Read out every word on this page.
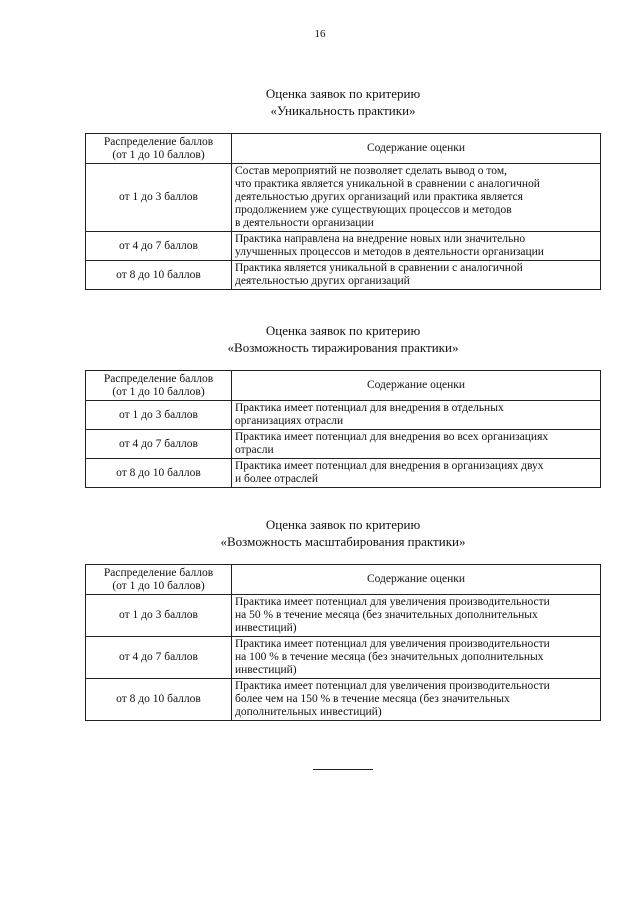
16
Оценка заявок по критерию
«Уникальность практики»
Распределение баллов
(от 1 до 10 баллов)	Содержание оценки
от 1 до 3 баллов	Состав мероприятий не позволяет сделать вывод о том,
что практика является уникальной в сравнении с аналогичной
деятельностью других организаций или практика является
продолжением уже существующих процессов и методов
в деятельности организации
от 4 до 7 баллов	Практика направлена на внедрение новых или значительно
улучшенных процессов и методов в деятельности организации
от 8 до 10 баллов	Практика является уникальной в сравнении с аналогичной
деятельностью других организаций
Оценка заявок по критерию
«Возможность тиражирования практики»
Распределение баллов
(от 1 до 10 баллов)	Содержание оценки
от 1 до 3 баллов	Практика имеет потенциал для внедрения в отдельных
организациях отрасли
от 4 до 7 баллов	Практика имеет потенциал для внедрения во всех организациях
отрасли
от 8 до 10 баллов	Практика имеет потенциал для внедрения в организациях двух
и более отраслей
Оценка заявок по критерию
«Возможность масштабирования практики»
Распределение баллов
(от 1 до 10 баллов)	Содержание оценки
от 1 до 3 баллов	Практика имеет потенциал для увеличения производительности
на 50 % в течение месяца (без значительных дополнительных
инвестиций)
от 4 до 7 баллов	Практика имеет потенциал для увеличения производительности
на 100 % в течение месяца (без значительных дополнительных
инвестиций)
от 8 до 10 баллов	Практика имеет потенциал для увеличения производительности
более чем на 150 % в течение месяца (без значительных
дополнительных инвестиций)
